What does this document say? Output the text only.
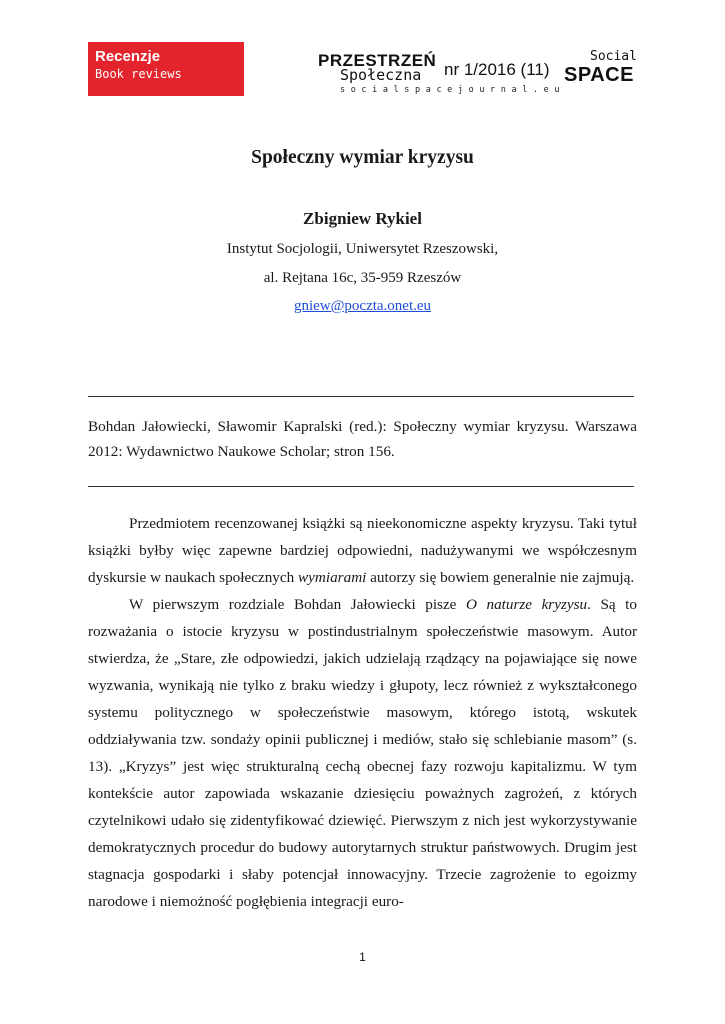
Recenzje
Book reviews
PRZESTRZEŃ
Społeczna nr 1/2016 (11)
Social
SPACE
socialspacejournal.eu
Społeczny wymiar kryzysu
Zbigniew Rykiel
Instytut Socjologii, Uniwersytet Rzeszowski,
al. Rejtana 16c, 35-959 Rzeszów
gniew@poczta.onet.eu
Bohdan Jałowiecki, Sławomir Kapralski (red.): Społeczny wymiar kryzysu. Warszawa 2012: Wydawnictwo Naukowe Scholar; stron 156.

Przedmiotem recenzowanej książki są nieekonomiczne aspekty kryzysu. Taki tytuł książki byłby więc zapewne bardziej odpowiedni, nadużywanymi we współczesnym dyskursie w naukach społecznych wymiarami autorzy się bowiem generalnie nie zajmują.

W pierwszym rozdziale Bohdan Jałowiecki pisze O naturze kryzysu. Są to rozważania o istocie kryzysu w postindustrialnym społeczeństwie masowym. Autor stwierdza, że „Stare, złe odpowiedzi, jakich udzielają rządzący na pojawiające się nowe wyzwania, wynikają nie tylko z braku wiedzy i głupoty, lecz również z wykształconego systemu politycznego w społeczeństwie masowym, którego istotą, wskutek oddziaływania tzw. sondaży opinii publicznej i mediów, stało się schlebianie masom” (s. 13). „Kryzys” jest więc strukturalną cechą obecnej fazy rozwoju kapitalizmu. W tym kontekście autor zapowiada wskazanie dziesięciu poważnych zagrożeń, z których czytelnikowi udało się zidentyfikować dziewięć. Pierwszym z nich jest wykorzystywanie demokratycznych procedur do budowy autorytarnych struktur państwowych. Drugim jest stagnacja gospodarki i słaby potencjał innowacyjny. Trzecie zagrożenie to egoizmy narodowe i niemożność pogłębienia integracji euro-

1
